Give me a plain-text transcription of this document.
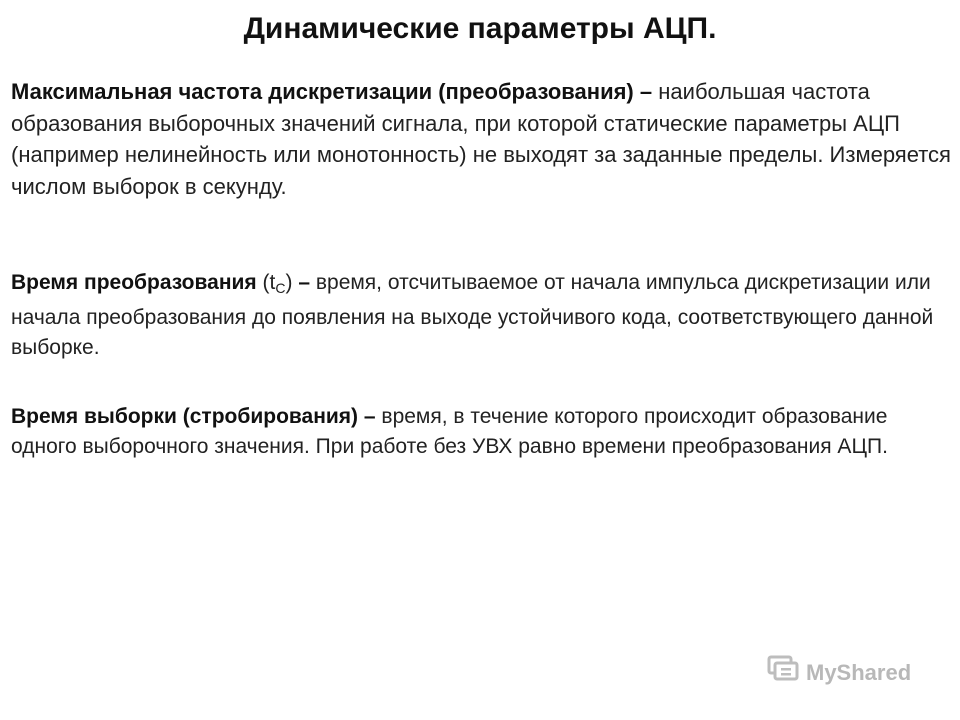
Динамические параметры АЦП.
Максимальная частота дискретизации (преобразования) – наибольшая частота образования выборочных значений сигнала, при которой статические параметры АЦП (например нелинейность или монотонность) не выходят за заданные пределы. Измеряется числом выборок в секунду.
Время преобразования $(t_C)$ – время, отсчитываемое от начала импульса дискретизации или начала преобразования до появления на выходе устойчивого кода, соответствующего данной выборке.
Время выборки (стробирования) – время, в течение которого происходит образование одного выборочного значения. При работе без УВХ равно времени преобразования АЦП.
MyShared
